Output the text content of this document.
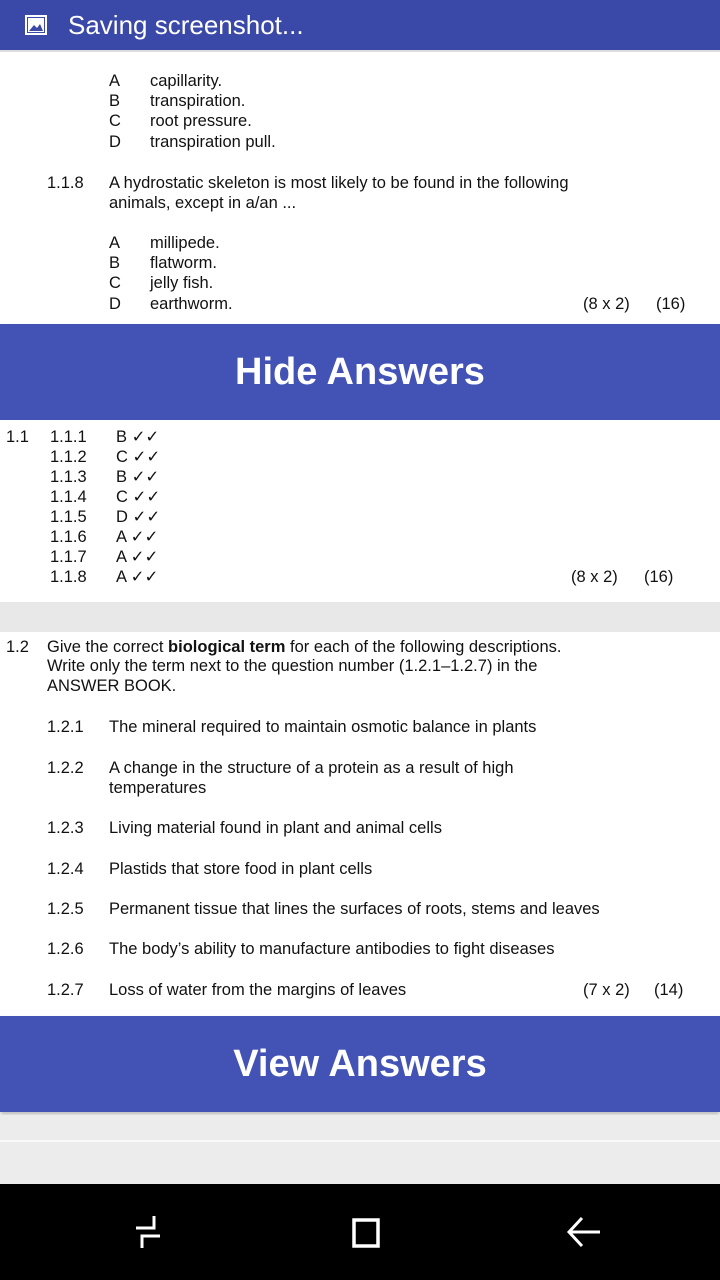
Saving screenshot...
A capillarity.
B transpiration.
C root pressure.
D transpiration pull.
1.1.8 A hydrostatic skeleton is most likely to be found in the following
animals, except in a/an ...
A millipede.
B flatworm.
C jelly fish.
D earthworm.	(8 x 2) (16)
Hide Answers
1.1 1.1.1 B ✓✓
1.1.2 C ✓✓
1.1.3 B ✓✓
1.1.4 C ✓✓
1.1.5 D ✓✓
1.1.6 A ✓✓
1.1.7 A ✓✓
1.1.8 A ✓✓	(8 x 2) (16)
1.2 Give the correct biological term for each of the following descriptions.
Write only the term next to the question number (1.2.1–1.2.7) in the
ANSWER BOOK.
1.2.1 The mineral required to maintain osmotic balance in plants
1.2.2 A change in the structure of a protein as a result of high
temperatures
1.2.3 Living material found in plant and animal cells
1.2.4 Plastids that store food in plant cells
1.2.5 Permanent tissue that lines the surfaces of roots, stems and leaves
1.2.6 The body’s ability to manufacture antibodies to fight diseases
1.2.7 Loss of water from the margins of leaves	(7 x 2) (14)
View Answers
